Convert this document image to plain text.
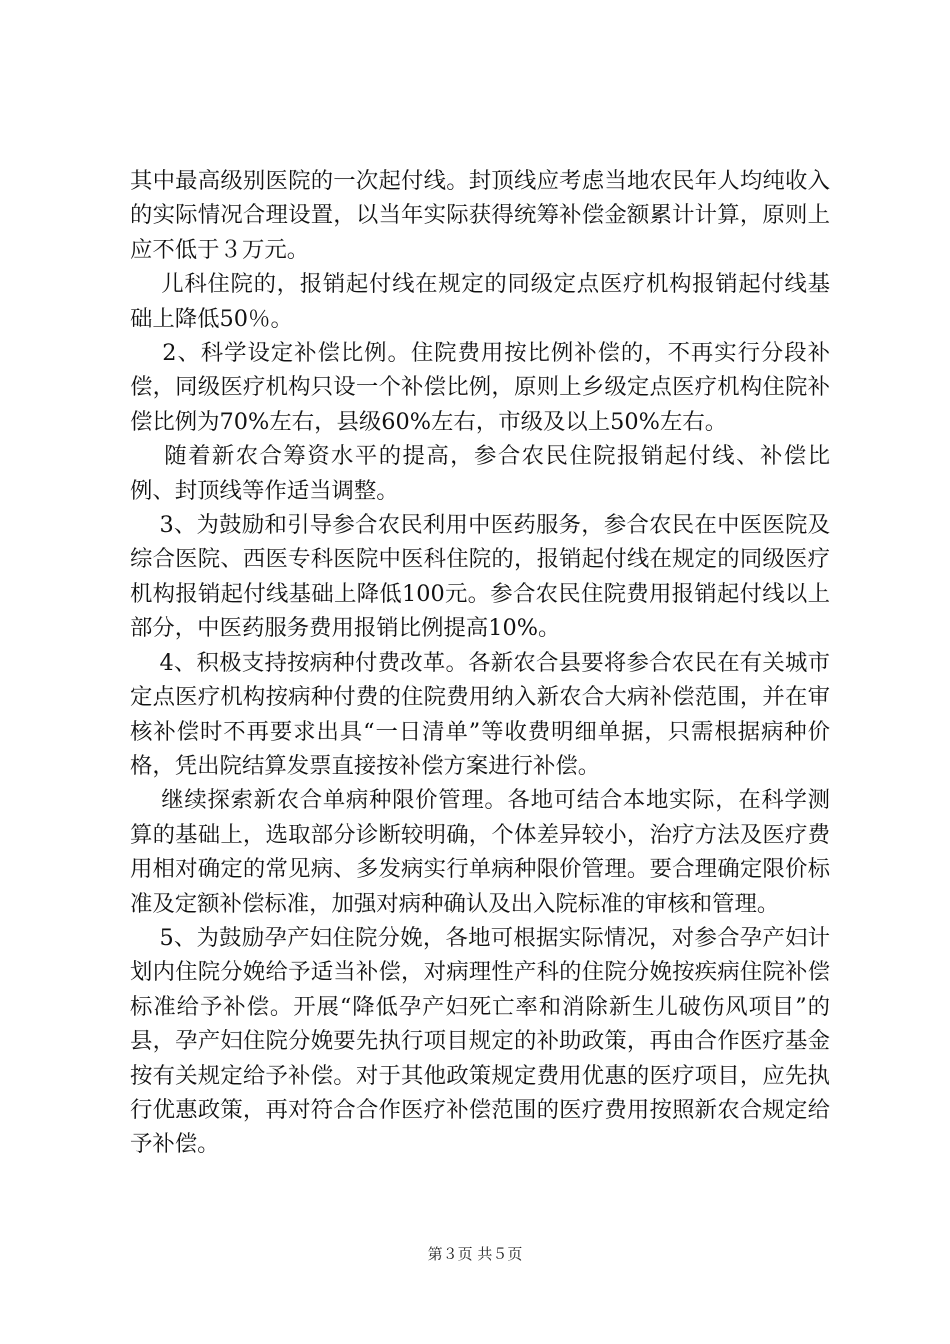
其中最高级别医院的一次起付线。封顶线应考虑当地农民年人均纯收入的实际情况合理设置，以当年实际获得统筹补偿金额累计计算，原则上应不低于３万元。

儿科住院的，报销起付线在规定的同级定点医疗机构报销起付线基础上降低50％。

2、科学设定补偿比例。住院费用按比例补偿的，不再实行分段补偿，同级医疗机构只设一个补偿比例，原则上乡级定点医疗机构住院补偿比例为70%左右，县级60%左右，市级及以上50%左右。

随着新农合筹资水平的提高，参合农民住院报销起付线、补偿比例、封顶线等作适当调整。

3、为鼓励和引导参合农民利用中医药服务，参合农民在中医医院及综合医院、西医专科医院中医科住院的，报销起付线在规定的同级医疗机构报销起付线基础上降低100元。参合农民住院费用报销起付线以上部分，中医药服务费用报销比例提高10%。

4、积极支持按病种付费改革。各新农合县要将参合农民在有关城市定点医疗机构按病种付费的住院费用纳入新农合大病补偿范围，并在审核补偿时不再要求出具“一日清单”等收费明细单据，只需根据病种价格，凭出院结算发票直接按补偿方案进行补偿。

继续探索新农合单病种限价管理。各地可结合本地实际，在科学测算的基础上，选取部分诊断较明确，个体差异较小，治疗方法及医疗费用相对确定的常见病、多发病实行单病种限价管理。要合理确定限价标准及定额补偿标准，加强对病种确认及出入院标准的审核和管理。

5、为鼓励孕产妇住院分娩，各地可根据实际情况，对参合孕产妇计划内住院分娩给予适当补偿，对病理性产科的住院分娩按疾病住院补偿标准给予补偿。开展“降低孕产妇死亡率和消除新生儿破伤风项目”的县，孕产妇住院分娩要先执行项目规定的补助政策，再由合作医疗基金按有关规定给予补偿。对于其他政策规定费用优惠的医疗项目，应先执行优惠政策，再对符合合作医疗补偿范围的医疗费用按照新农合规定给予补偿。

第３页 共５页
